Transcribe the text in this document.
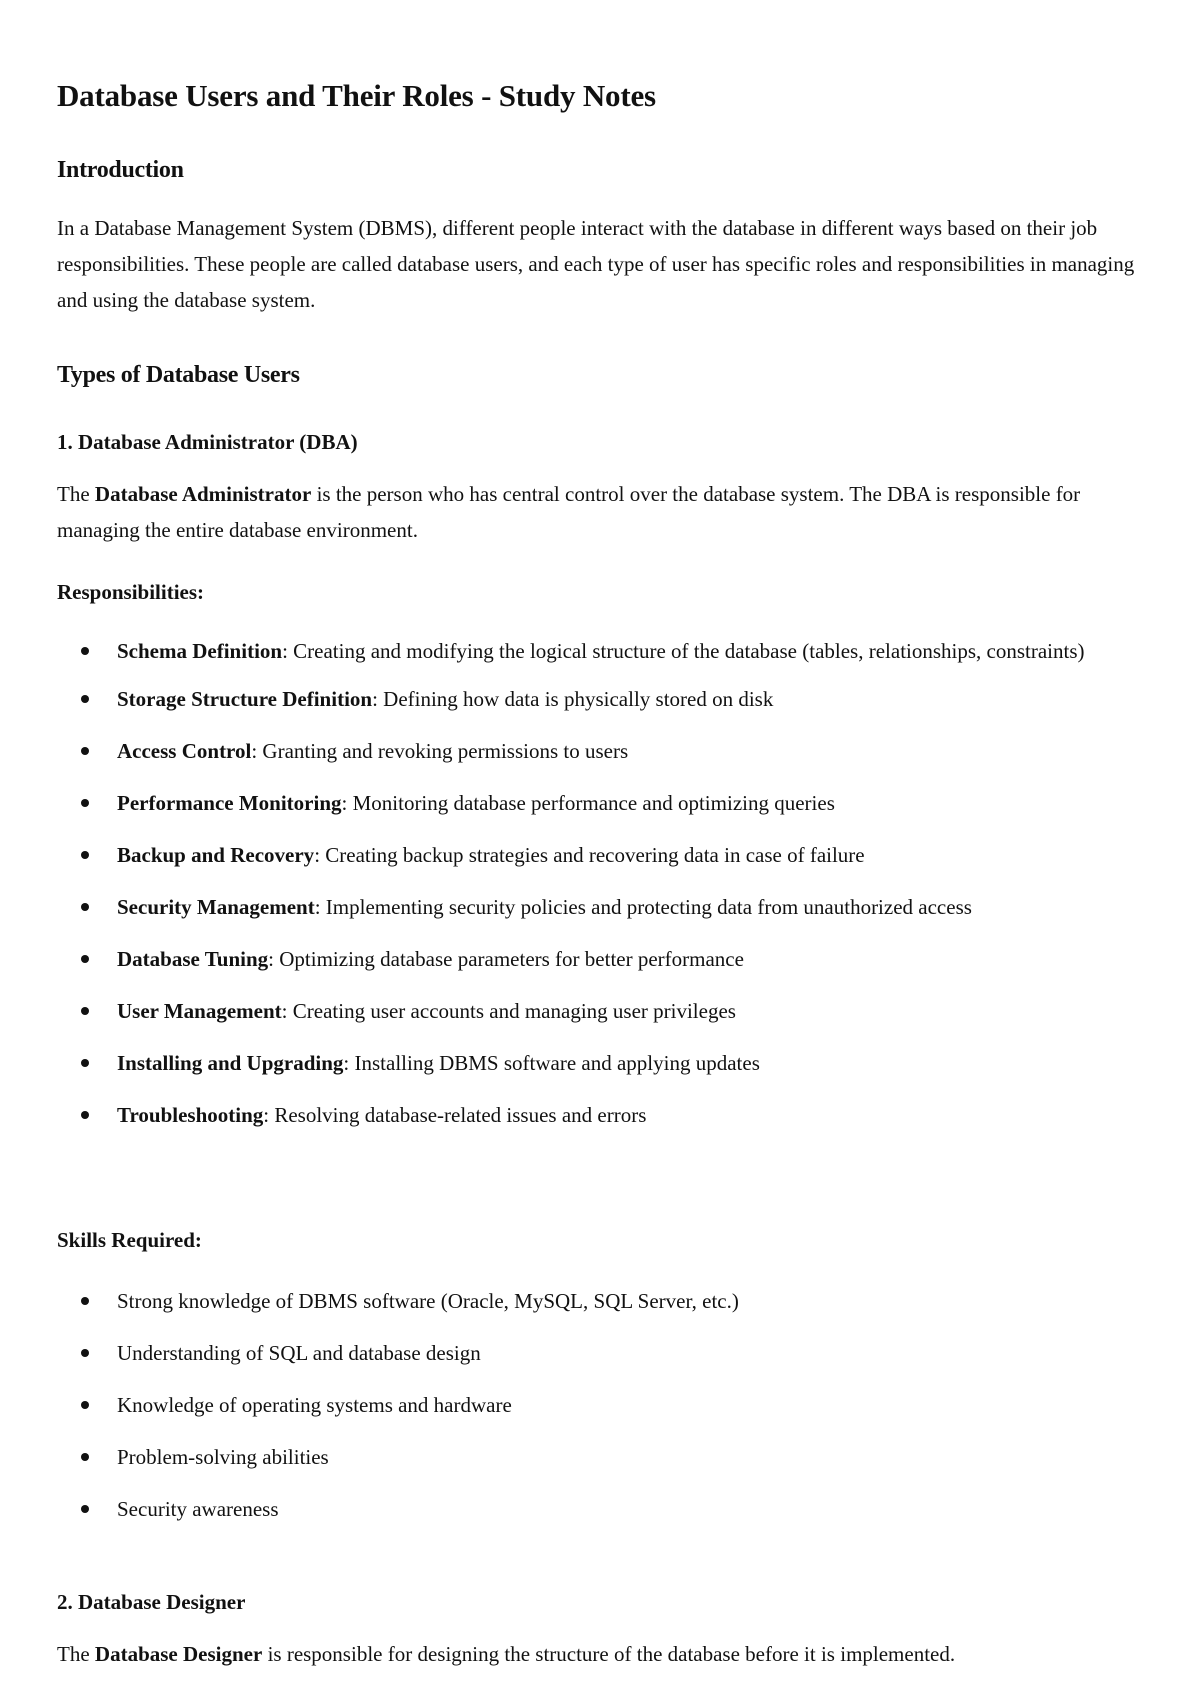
Database Users and Their Roles - Study Notes
Introduction

In a Database Management System (DBMS), different people interact with the database in different ways based on their job responsibilities. These people are called database users, and each type of user has specific roles and responsibilities in managing and using the database system.

Types of Database Users
1. Database Administrator (DBA)

The Database Administrator is the person who has central control over the database system. The DBA is responsible for managing the entire database environment.

Responsibilities:
Schema Definition: Creating and modifying the logical structure of the database (tables, relationships, constraints)
Storage Structure Definition: Defining how data is physically stored on disk
Access Control: Granting and revoking permissions to users
Performance Monitoring: Monitoring database performance and optimizing queries
Backup and Recovery: Creating backup strategies and recovering data in case of failure
Security Management: Implementing security policies and protecting data from unauthorized access
Database Tuning: Optimizing database parameters for better performance
User Management: Creating user accounts and managing user privileges
Installing and Upgrading: Installing DBMS software and applying updates
Troubleshooting: Resolving database-related issues and errors
Skills Required:
Strong knowledge of DBMS software (Oracle, MySQL, SQL Server, etc.)
Understanding of SQL and database design
Knowledge of operating systems and hardware
Problem-solving abilities
Security awareness
2. Database Designer

The Database Designer is responsible for designing the structure of the database before it is implemented.
